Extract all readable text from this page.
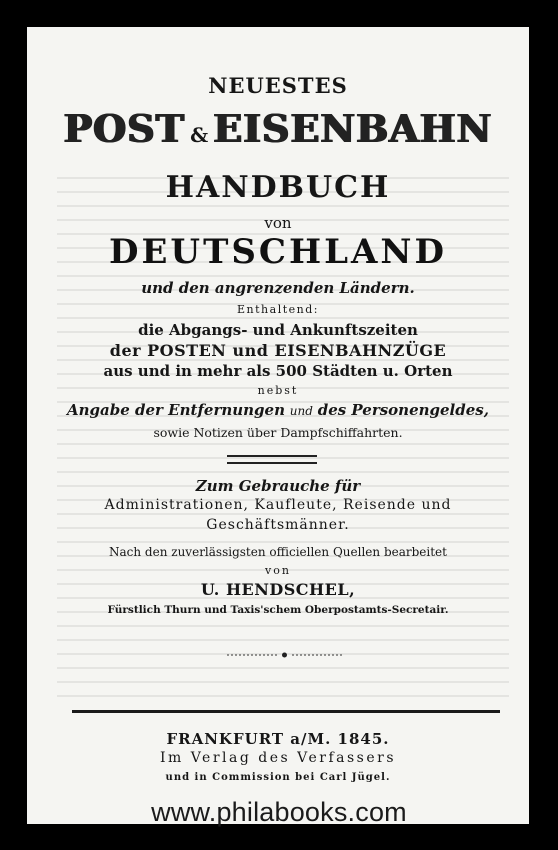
NEUESTES
POST & EISENBAHN
HANDBUCH
von
DEUTSCHLAND
und den angrenzenden Ländern.
Enthaltend:
die Abgangs- und Ankunftszeiten
der POSTEN und EISENBAHNZÜGE
aus und in mehr als 500 Städten u. Orten
nebst
Angabe der Entfernungen und des Personengeldes,
sowie Notizen über Dampfschiffahrten.
Zum Gebrauche für
Administrationen, Kaufleute, Reisende und
Geschäftsmänner.
Nach den zuverlässigsten officiellen Quellen bearbeitet
von
U. HENDSCHEL,
Fürstlich Thurn und Taxis'schem Oberpostamts-Secretair.
FRANKFURT a/M. 1845.
Im Verlag des Verfassers
und in Commission bei Carl Jügel.
www.philabooks.com
